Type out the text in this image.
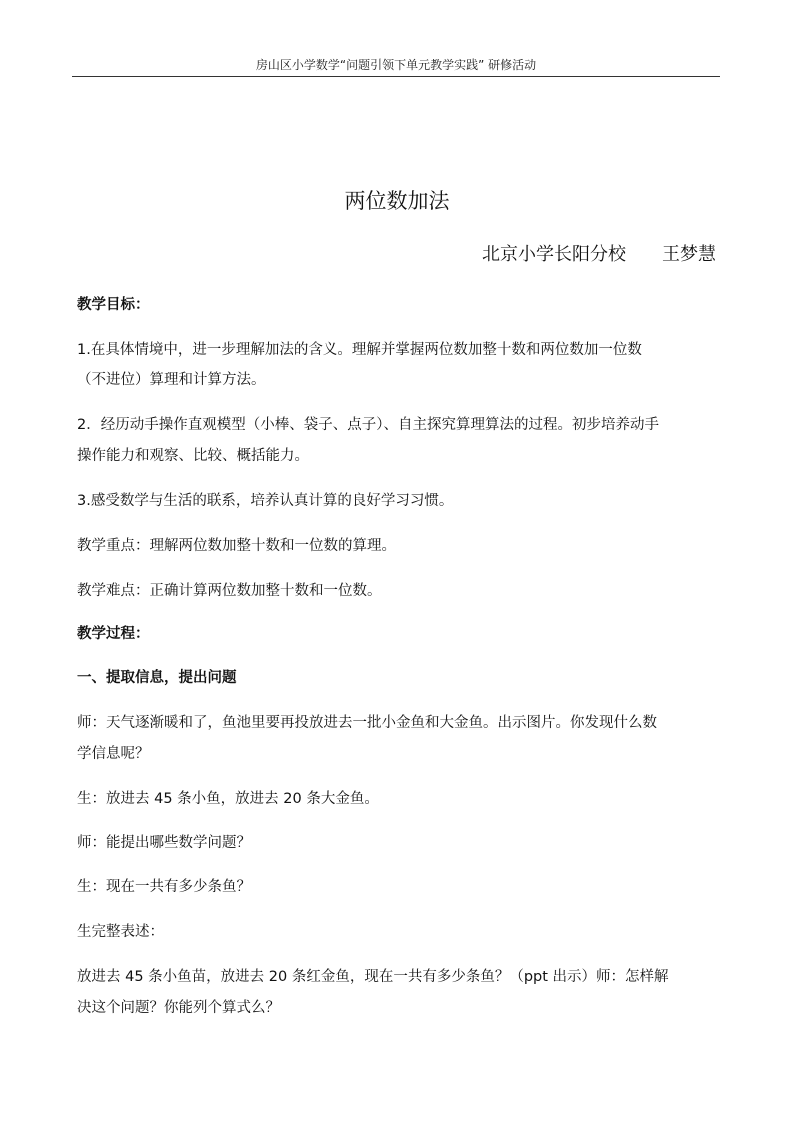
房山区小学数学“问题引领下单元教学实践” 研修活动
两位数加法
北京小学长阳分校 王梦慧

教学目标：

1.在具体情境中，进一步理解加法的含义。理解并掌握两位数加整十数和两位数加一位数

（不进位）算理和计算方法。

2．经历动手操作直观模型（小棒、袋子、点子）、自主探究算理算法的过程。初步培养动手

操作能力和观察、比较、概括能力。

3.感受数学与生活的联系，培养认真计算的良好学习习惯。

教学重点：理解两位数加整十数和一位数的算理。

教学难点：正确计算两位数加整十数和一位数。

教学过程：

一、提取信息，提出问题

师：天气逐渐暖和了，鱼池里要再投放进去一批小金鱼和大金鱼。出示图片。你发现什么数

学信息呢？

生：放进去 45 条小鱼，放进去 20 条大金鱼。

师：能提出哪些数学问题？

生：现在一共有多少条鱼？

生完整表述：

放进去 45 条小鱼苗，放进去 20 条红金鱼，现在一共有多少条鱼？（ppt 出示）师：怎样解

决这个问题？你能列个算式么？
